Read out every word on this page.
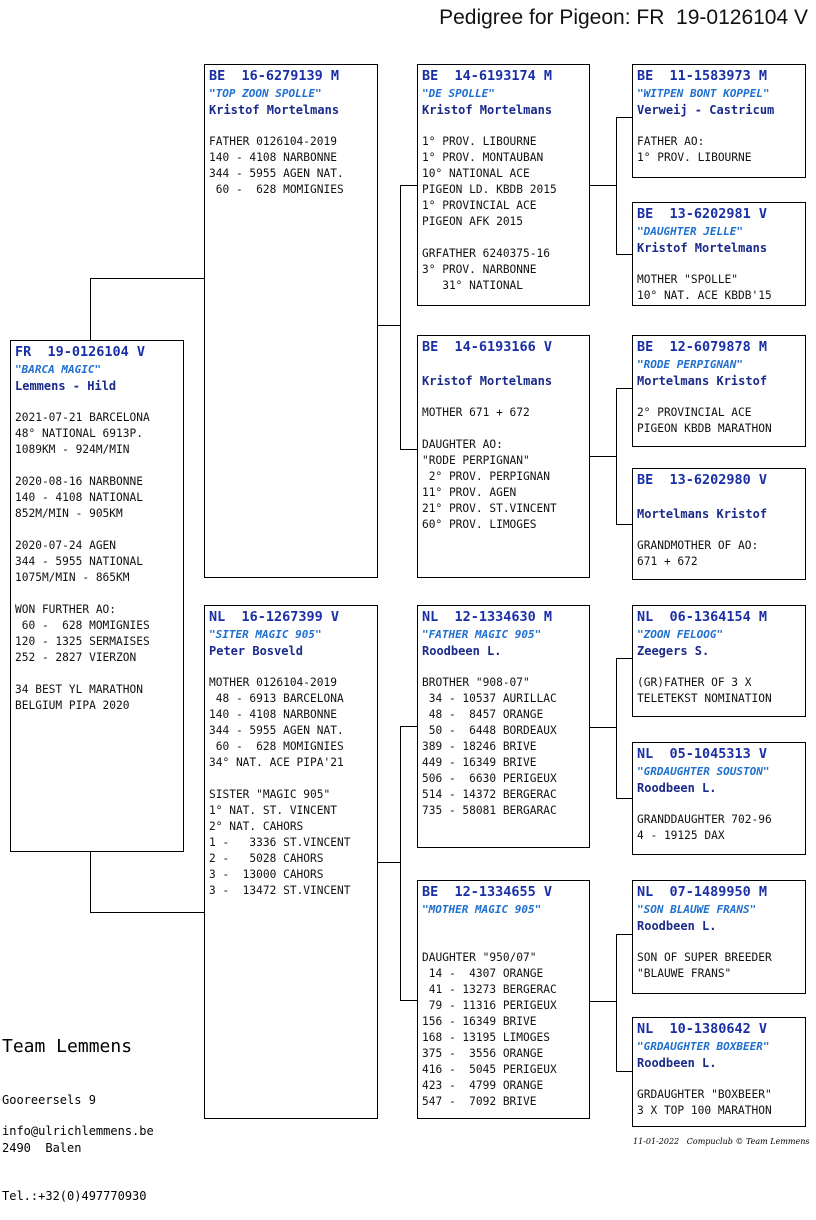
Pedigree for Pigeon: FR  19-0126104 V
FR  19-0126104 V
"BARCA MAGIC"
Lemmens - Hild
2021-07-21 BARCELONA
48° NATIONAL 6913P.
1089KM - 924M/MIN

2020-08-16 NARBONNE
140 - 4108 NATIONAL
852M/MIN - 905KM

2020-07-24 AGEN
344 - 5955 NATIONAL
1075M/MIN - 865KM

WON FURTHER AO:
60 -  628 MOMIGNIES
120 - 1325 SERMAISES
252 - 2827 VIERZON

34 BEST YL MARATHON
BELGIUM PIPA 2020
BE  16-6279139 M
"TOP ZOON SPOLLE"
Kristof Mortelmans
FATHER 0126104-2019
140 - 4108 NARBONNE
344 - 5955 AGEN NAT.
60 -  628 MOMIGNIES
NL  16-1267399 V
"SITER MAGIC 905"
Peter Bosveld
MOTHER 0126104-2019
48 - 6913 BARCELONA
140 - 4108 NARBONNE
344 - 5955 AGEN NAT.
60 -  628 MOMIGNIES
34° NAT. ACE PIPA'21

SISTER "MAGIC 905"
1° NAT. ST. VINCENT
2° NAT. CAHORS
1 -   3336 ST.VINCENT
2 -   5028 CAHORS
3 -  13000 CAHORS
3 -  13472 ST.VINCENT
BE  14-6193174 M
"DE SPOLLE"
Kristof Mortelmans
1° PROV. LIBOURNE
1° PROV. MONTAUBAN
10° NATIONAL ACE
PIGEON LD. KBDB 2015
1° PROVINCIAL ACE
PIGEON AFK 2015

GRFATHER 6240375-16
3° PROV. NARBONNE
31° NATIONAL
BE  14-6193166 V
Kristof Mortelmans
MOTHER 671 + 672

DAUGHTER AO:
"RODE PERPIGNAN"
2° PROV. PERPIGNAN
11° PROV. AGEN
21° PROV. ST.VINCENT
60° PROV. LIMOGES
NL  12-1334630 M
"FATHER MAGIC 905"
Roodbeen L.
BROTHER "908-07"
34 - 10537 AURILLAC
48 -  8457 ORANGE
50 -  6448 BORDEAUX
389 - 18246 BRIVE
449 - 16349 BRIVE
506 -  6630 PERIGEUX
514 - 14372 BERGERAC
735 - 58081 BERGARAC
BE  12-1334655 V
"MOTHER MAGIC 905"
DAUGHTER "950/07"
14 -  4307 ORANGE
41 - 13273 BERGERAC
79 - 11316 PERIGEUX
156 - 16349 BRIVE
168 - 13195 LIMOGES
375 -  3556 ORANGE
416 -  5045 PERIGEUX
423 -  4799 ORANGE
547 -  7092 BRIVE
BE  11-1583973 M
"WITPEN BONT KOPPEL"
Verweij - Castricum
FATHER AO:
1° PROV. LIBOURNE
BE  13-6202981 V
"DAUGHTER JELLE"
Kristof Mortelmans
MOTHER "SPOLLE"
10° NAT. ACE KBDB'15
BE  12-6079878 M
"RODE PERPIGNAN"
Mortelmans Kristof
2° PROVINCIAL ACE
PIGEON KBDB MARATHON
BE  13-6202980 V
Mortelmans Kristof
GRANDMOTHER OF AO:
671 + 672
NL  06-1364154 M
"ZOON FELOOG"
Zeegers S.
(GR)FATHER OF 3 X
TELETEKST NOMINATION
NL  05-1045313 V
"GRDAUGHTER SOUSTON"
Roodbeen L.
GRANDDAUGHTER 702-96
4 - 19125 DAX
NL  07-1489950 M
"SON BLAUWE FRANS"
Roodbeen L.
SON OF SUPER BREEDER
"BLAUWE FRANS"
NL  10-1380642 V
"GRDAUGHTER BOXBEER"
Roodbeen L.
GRDAUGHTER "BOXBEER"
3 X TOP 100 MARATHON
Team Lemmens

Gooreersels 9

2490  Balen

Tel.:+32(0)497770930

info@ulrichlemmens.be
11-01-2022   Compuclub © Team Lemmens
